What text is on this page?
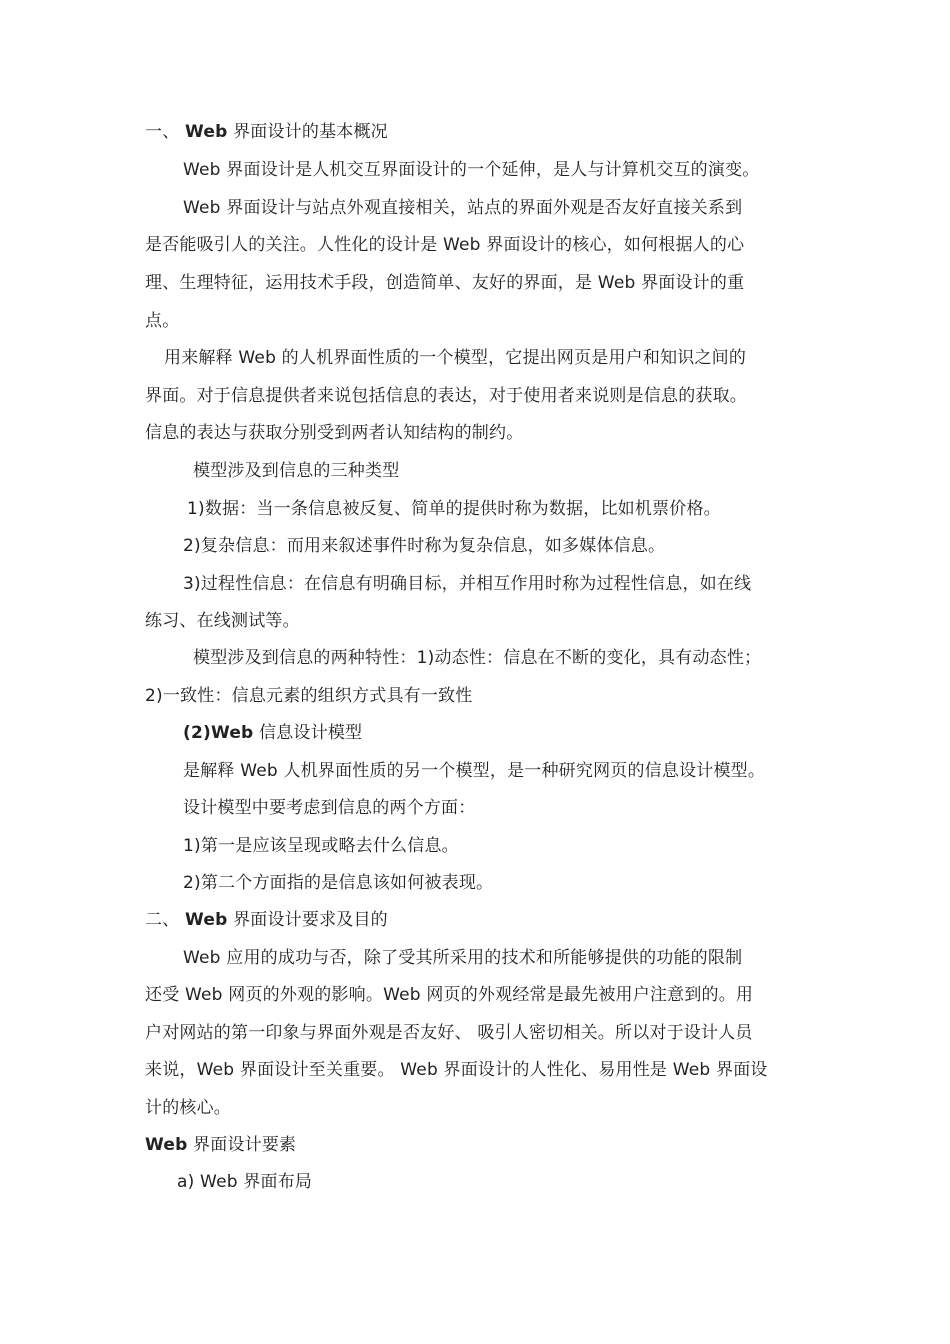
一、 Web 界面设计的基本概况
Web 界面设计是人机交互界面设计的一个延伸，是人与计算机交互的演变。
Web 界面设计与站点外观直接相关，站点的界面外观是否友好直接关系到
是否能吸引人的关注。人性化的设计是 Web 界面设计的核心，如何根据人的心
理、生理特征，运用技术手段，创造简单、友好的界面，是 Web 界面设计的重
点。
用来解释 Web 的人机界面性质的一个模型，它提出网页是用户和知识之间的
界面。对于信息提供者来说包括信息的表达，对于使用者来说则是信息的获取。
信息的表达与获取分别受到两者认知结构的制约。
模型涉及到信息的三种类型
1)数据：当一条信息被反复、简单的提供时称为数据，比如机票价格。
2)复杂信息：而用来叙述事件时称为复杂信息，如多媒体信息。
3)过程性信息：在信息有明确目标，并相互作用时称为过程性信息，如在线
练习、在线测试等。
模型涉及到信息的两种特性：1)动态性：信息在不断的变化，具有动态性；
2)一致性：信息元素的组织方式具有一致性
(2)Web 信息设计模型
是解释 Web 人机界面性质的另一个模型，是一种研究网页的信息设计模型。
设计模型中要考虑到信息的两个方面：
1)第一是应该呈现或略去什么信息。
2)第二个方面指的是信息该如何被表现。
二、 Web 界面设计要求及目的
Web 应用的成功与否，除了受其所采用的技术和所能够提供的功能的限制
还受 Web 网页的外观的影响。Web 网页的外观经常是最先被用户注意到的。用
户对网站的第一印象与界面外观是否友好、 吸引人密切相关。所以对于设计人员
来说，Web 界面设计至关重要。 Web 界面设计的人性化、易用性是 Web 界面设
计的核心。
Web 界面设计要素
a) Web 界面布局
